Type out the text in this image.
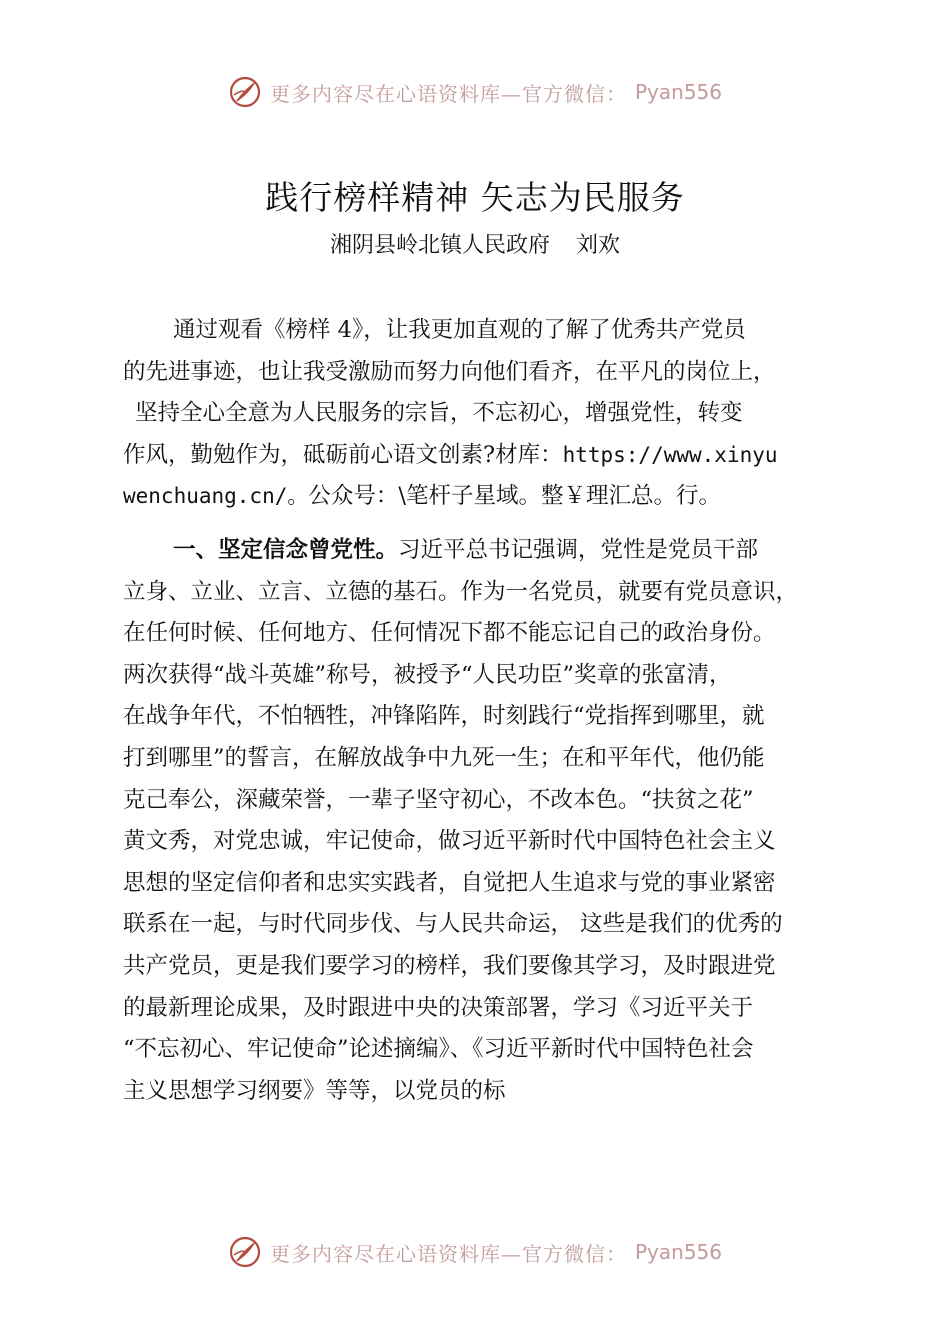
更多内容尽在心语资料库—官方微信： Pyan556
践行榜样精神 矢志为民服务
湘阴县岭北镇人民政府 刘欢
通过观看《榜样 4》，让我更加直观的了解了优秀共产党员
的先进事迹，也让我受激励而努力向他们看齐，在平凡的岗位上，
坚持全心全意为人民服务的宗旨，不忘初心，增强党性，转变
作风，勤勉作为，砥砺前心语文创素?材库：https://www.xinyu
wenchuang.cn/。公众号：\笔杆子星域。整￥理汇总。行。
一、坚定信念曾党性。习近平总书记强调，党性是党员干部
立身、立业、立言、立德的基石。作为一名党员，就要有党员意识，
在任何时候、任何地方、任何情况下都不能忘记自己的政治身份。
两次获得“战斗英雄”称号，被授予“人民功臣”奖章的张富清，
在战争年代，不怕牺牲，冲锋陷阵，时刻践行“党指挥到哪里，就
打到哪里”的誓言，在解放战争中九死一生；在和平年代，他仍能
克己奉公，深藏荣誉，一辈子坚守初心，不改本色。“扶贫之花”
黄文秀，对党忠诚，牢记使命，做习近平新时代中国特色社会主义
思想的坚定信仰者和忠实实践者，自觉把人生追求与党的事业紧密
联系在一起，与时代同步伐、与人民共命运， 这些是我们的优秀的
共产党员，更是我们要学习的榜样，我们要像其学习，及时跟进党
的最新理论成果，及时跟进中央的决策部署，学习《习近平关于
“不忘初心、牢记使命”论述摘编》、《习近平新时代中国特色社会
主义思想学习纲要》等等，以党员的标
更多内容尽在心语资料库—官方微信： Pyan556
